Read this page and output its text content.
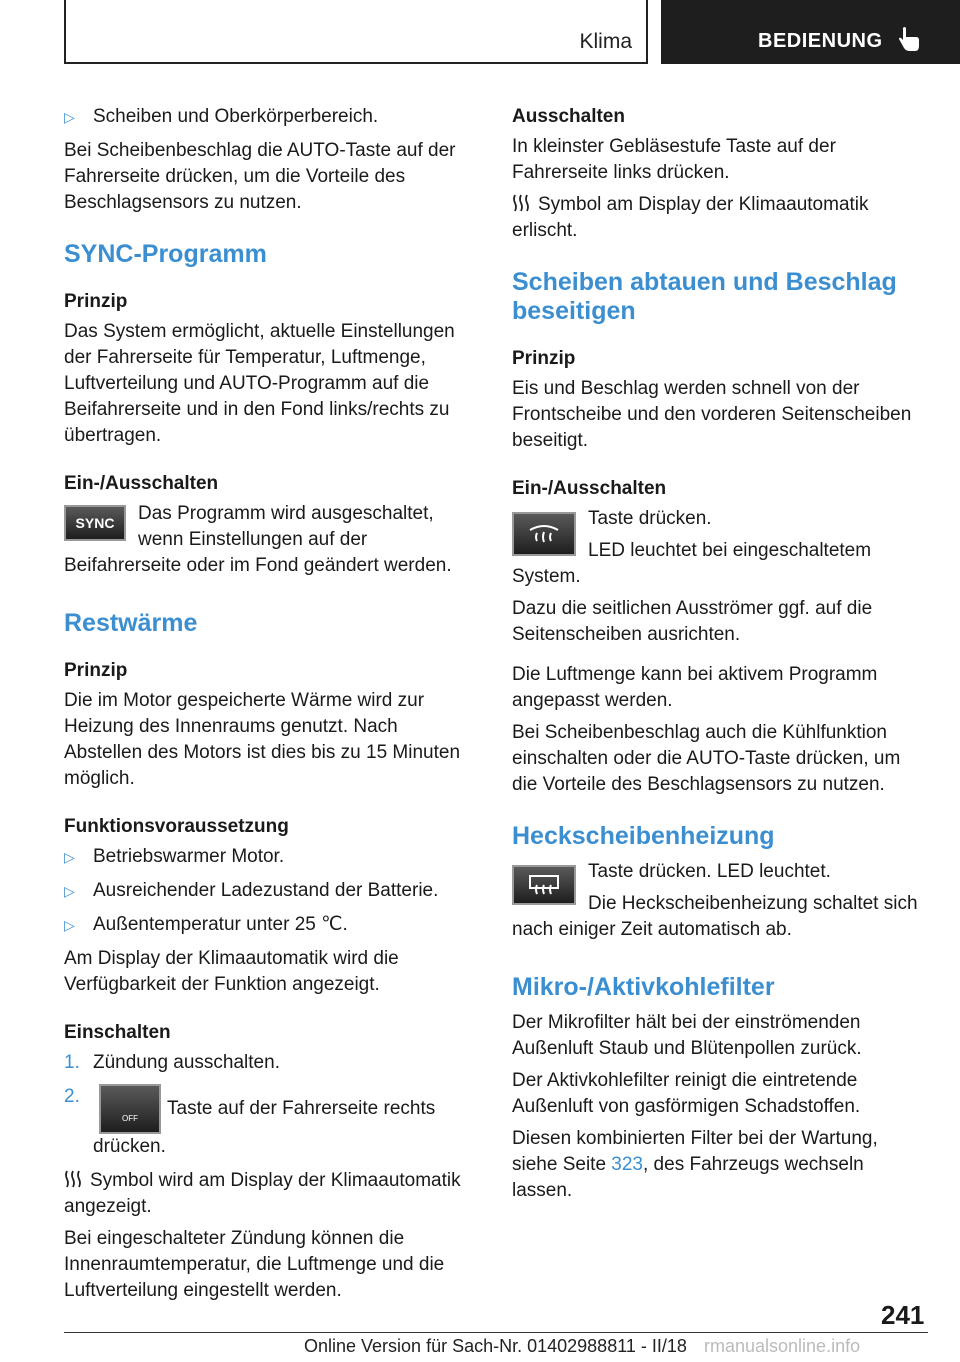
Klima	BEDIENUNG
▷ Scheiben und Oberkörperbereich.

Bei Scheibenbeschlag die AUTO-Taste auf der Fahrerseite drücken, um die Vorteile des Beschlagsensors zu nutzen.

SYNC-Programm
Prinzip

Das System ermöglicht, aktuelle Einstellungen der Fahrerseite für Temperatur, Luftmenge, Luftverteilung und AUTO-Programm auf die Beifahrerseite und in den Fond links/rechts zu übertragen.

Ein-/Ausschalten
SYNC	Das Programm wird ausgeschaltet, wenn Einstellungen auf der Beifahrerseite oder im Fond geändert werden.

Restwärme
Prinzip

Die im Motor gespeicherte Wärme wird zur Heizung des Innenraums genutzt. Nach Abstellen des Motors ist dies bis zu 15 Minuten möglich.

Funktionsvoraussetzung
▷ Betriebswarmer Motor.
▷ Ausreichender Ladezustand der Batterie.
▷ Außentemperatur unter 25 ℃.

Am Display der Klimaautomatik wird die Verfügbarkeit der Funktion angezeigt.

Einschalten
1. Zündung ausschalten.
2.
OFF Taste auf der Fahrerseite rechts drücken.

Symbol wird am Display der Klimaautomatik angezeigt.

Bei eingeschalteter Zündung können die Innenraumtemperatur, die Luftmenge und die Luftverteilung eingestellt werden.

Ausschalten

In kleinster Gebläsestufe Taste auf der Fahrerseite links drücken.

Symbol am Display der Klimaautomatik erlischt.

Scheiben abtauen und Beschlag beseitigen
Prinzip

Eis und Beschlag werden schnell von der Frontscheibe und den vorderen Seitenscheiben beseitigt.

Ein-/Ausschalten

Taste drücken.

LED leuchtet bei eingeschaltetem System.

Dazu die seitlichen Ausströmer ggf. auf die Seitenscheiben ausrichten.

Die Luftmenge kann bei aktivem Programm angepasst werden.

Bei Scheibenbeschlag auch die Kühlfunktion einschalten oder die AUTO-Taste drücken, um die Vorteile des Beschlagsensors zu nutzen.

Heckscheibenheizung

Taste drücken. LED leuchtet.

Die Heckscheibenheizung schaltet sich nach einiger Zeit automatisch ab.

Mikro-/Aktivkohlefilter

Der Mikrofilter hält bei der einströmenden Außenluft Staub und Blütenpollen zurück.

Der Aktivkohlefilter reinigt die eintretende Außenluft von gasförmigen Schadstoffen.

Diesen kombinierten Filter bei der Wartung, siehe Seite 323, des Fahrzeugs wechseln lassen.

241
Online Version für Sach-Nr. 01402988811 - II/18 rmanualsonline.info
